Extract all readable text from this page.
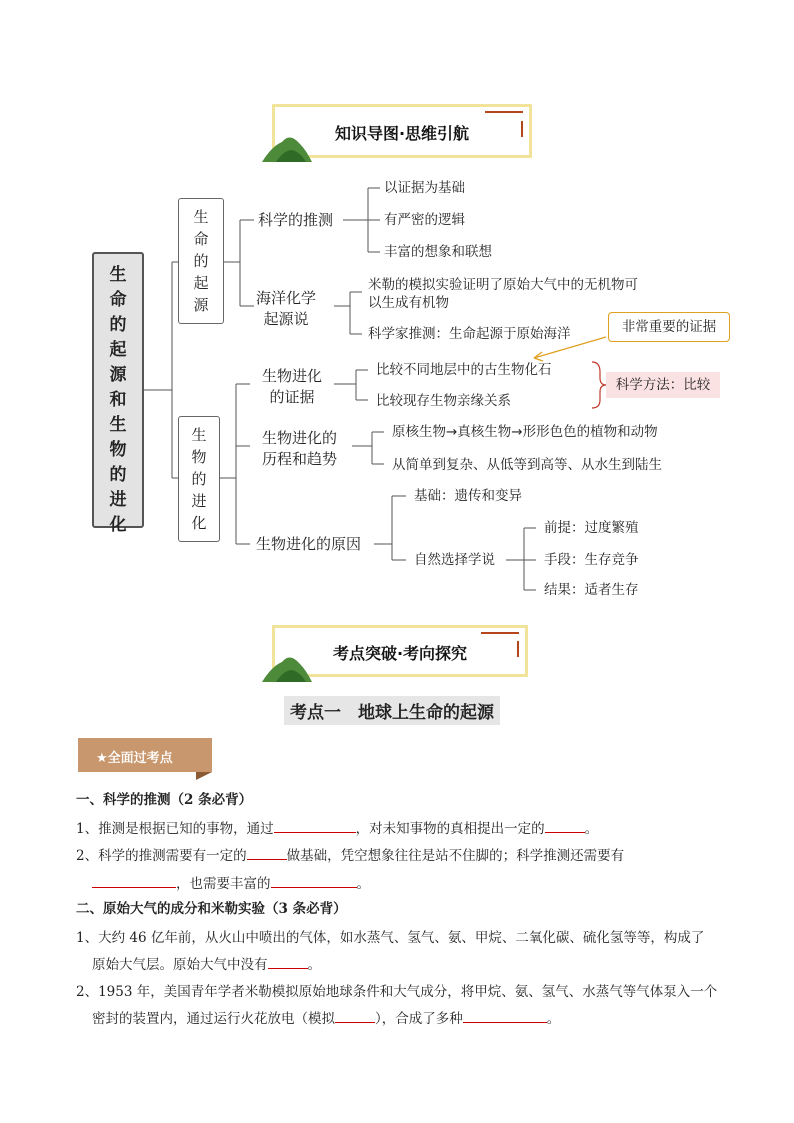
知识导图·思维引航
生
命
的
起
源
和
生
物
的
进
化
生
命
的
起
源
生
物
的
进
化
科学的推测
以证据为基础
有严密的逻辑
丰富的想象和联想
海洋化学
起源说
米勒的模拟实验证明了原始大气中的无机物可
以生成有机物
科学家推测：生命起源于原始海洋	非常重要的证据
生物进化
的证据
比较不同地层中的古生物化石
比较现存生物亲缘关系
科学方法：比较
生物进化的
历程和趋势
原核生物→真核生物→形形色色的植物和动物
从简单到复杂、从低等到高等、从水生到陆生
生物进化的原因
基础：遗传和变异
自然选择学说
前提：过度繁殖
手段：生存竞争
结果：适者生存
考点突破·考向探究
考点一　地球上生命的起源
★全面过考点
一、科学的推测（2 条必背）
1、推测是根据已知的事物，通过	，对未知事物的真相提出一定的	。
2、科学的推测需要有一定的	做基础，凭空想象往往是站不住脚的；科学推测还需要有
，也需要丰富的	。
二、原始大气的成分和米勒实验（3 条必背）
1、大约 46 亿年前，从火山中喷出的气体，如水蒸气、氢气、氨、甲烷、二氧化碳、硫化氢等等，构成了
原始大气层。原始大气中没有	。
2、1953 年，美国青年学者米勒模拟原始地球条件和大气成分，将甲烷、氨、氢气、水蒸气等气体泵入一个
密封的装置内，通过运行火花放电（模拟	），合成了多种	。
